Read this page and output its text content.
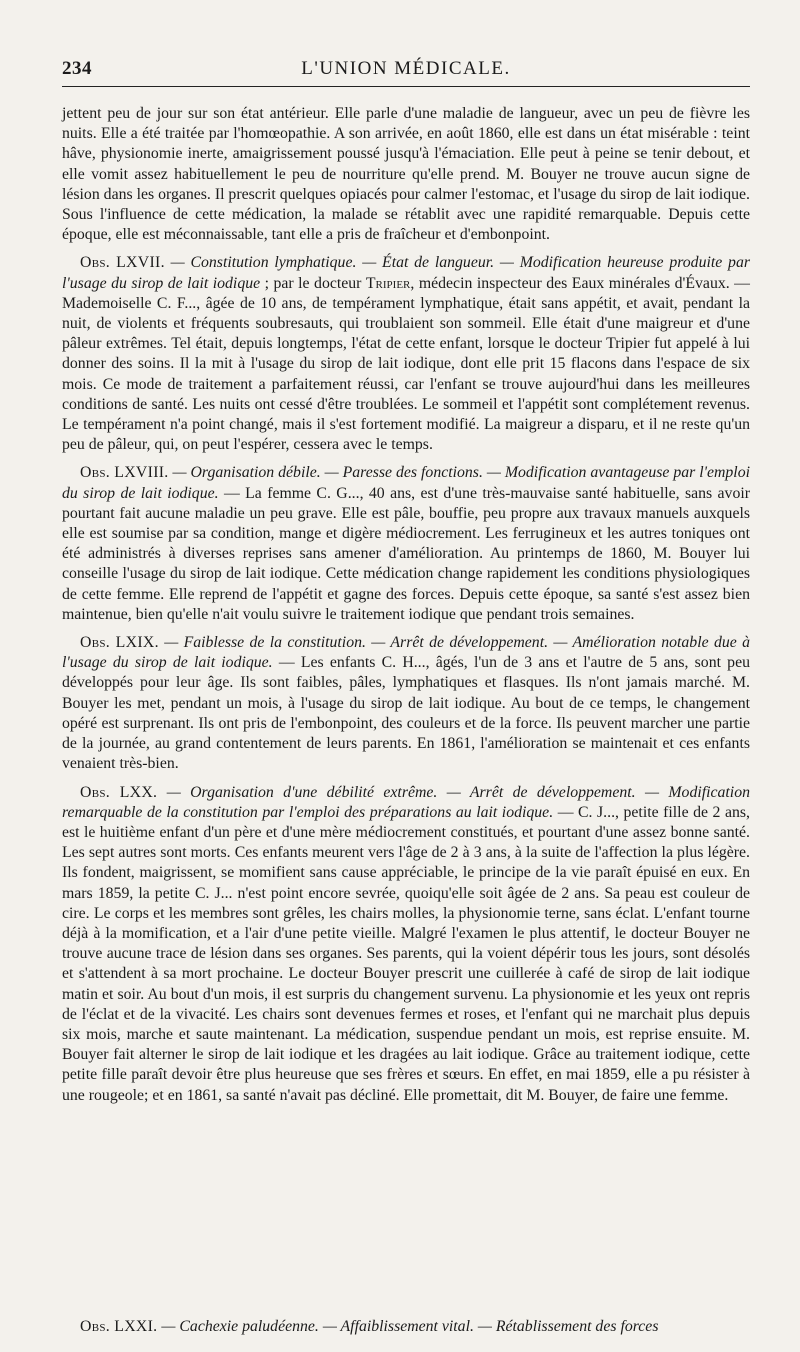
234	L'UNION MÉDICALE.

jettent peu de jour sur son état antérieur. Elle parle d'une maladie de langueur, avec un peu de fièvre les nuits. Elle a été traitée par l'homœopathie. A son arrivée, en août 1860, elle est dans un état misérable : teint hâve, physionomie inerte, amaigrissement poussé jusqu'à l'émaciation. Elle peut à peine se tenir debout, et elle vomit assez habituellement le peu de nourriture qu'elle prend. M. Bouyer ne trouve aucun signe de lésion dans les organes. Il prescrit quelques opiacés pour calmer l'estomac, et l'usage du sirop de lait iodique. Sous l'influence de cette médication, la malade se rétablit avec une rapidité remarquable. Depuis cette époque, elle est méconnaissable, tant elle a pris de fraîcheur et d'embonpoint.

Obs. LXVII. — Constitution lymphatique. — État de langueur. — Modification heureuse produite par l'usage du sirop de lait iodique ; par le docteur Tripier, médecin inspecteur des Eaux minérales d'Évaux. — Mademoiselle C. F..., âgée de 10 ans, de tempérament lymphatique, était sans appétit, et avait, pendant la nuit, de violents et fréquents soubresauts, qui troublaient son sommeil. Elle était d'une maigreur et d'une pâleur extrêmes. Tel était, depuis longtemps, l'état de cette enfant, lorsque le docteur Tripier fut appelé à lui donner des soins. Il la mit à l'usage du sirop de lait iodique, dont elle prit 15 flacons dans l'espace de six mois. Ce mode de traitement a parfaitement réussi, car l'enfant se trouve aujourd'hui dans les meilleures conditions de santé. Les nuits ont cessé d'être troublées. Le sommeil et l'appétit sont complétement revenus. Le tempérament n'a point changé, mais il s'est fortement modifié. La maigreur a disparu, et il ne reste qu'un peu de pâleur, qui, on peut l'espérer, cessera avec le temps.

Obs. LXVIII. — Organisation débile. — Paresse des fonctions. — Modification avantageuse par l'emploi du sirop de lait iodique. — La femme C. G..., 40 ans, est d'une très-mauvaise santé habituelle, sans avoir pourtant fait aucune maladie un peu grave. Elle est pâle, bouffie, peu propre aux travaux manuels auxquels elle est soumise par sa condition, mange et digère médiocrement. Les ferrugineux et les autres toniques ont été administrés à diverses reprises sans amener d'amélioration. Au printemps de 1860, M. Bouyer lui conseille l'usage du sirop de lait iodique. Cette médication change rapidement les conditions physiologiques de cette femme. Elle reprend de l'appétit et gagne des forces. Depuis cette époque, sa santé s'est assez bien maintenue, bien qu'elle n'ait voulu suivre le traitement iodique que pendant trois semaines.

Obs. LXIX. — Faiblesse de la constitution. — Arrêt de développement. — Amélioration notable due à l'usage du sirop de lait iodique. — Les enfants C. H..., âgés, l'un de 3 ans et l'autre de 5 ans, sont peu développés pour leur âge. Ils sont faibles, pâles, lymphatiques et flasques. Ils n'ont jamais marché. M. Bouyer les met, pendant un mois, à l'usage du sirop de lait iodique. Au bout de ce temps, le changement opéré est surprenant. Ils ont pris de l'embonpoint, des couleurs et de la force. Ils peuvent marcher une partie de la journée, au grand contentement de leurs parents. En 1861, l'amélioration se maintenait et ces enfants venaient très-bien.

Obs. LXX. — Organisation d'une débilité extrême. — Arrêt de développement. — Modification remarquable de la constitution par l'emploi des préparations au lait iodique. — C. J..., petite fille de 2 ans, est le huitième enfant d'un père et d'une mère médiocrement constitués, et pourtant d'une assez bonne santé. Les sept autres sont morts. Ces enfants meurent vers l'âge de 2 à 3 ans, à la suite de l'affection la plus légère. Ils fondent, maigrissent, se momifient sans cause appréciable, le principe de la vie paraît épuisé en eux. En mars 1859, la petite C. J... n'est point encore sevrée, quoiqu'elle soit âgée de 2 ans. Sa peau est couleur de cire. Le corps et les membres sont grêles, les chairs molles, la physionomie terne, sans éclat. L'enfant tourne déjà à la momification, et a l'air d'une petite vieille. Malgré l'examen le plus attentif, le docteur Bouyer ne trouve aucune trace de lésion dans ses organes. Ses parents, qui la voient dépérir tous les jours, sont désolés et s'attendent à sa mort prochaine. Le docteur Bouyer prescrit une cuillerée à café de sirop de lait iodique matin et soir. Au bout d'un mois, il est surpris du changement survenu. La physionomie et les yeux ont repris de l'éclat et de la vivacité. Les chairs sont devenues fermes et roses, et l'enfant qui ne marchait plus depuis six mois, marche et saute maintenant. La médication, suspendue pendant un mois, est reprise ensuite. M. Bouyer fait alterner le sirop de lait iodique et les dragées au lait iodique. Grâce au traitement iodique, cette petite fille paraît devoir être plus heureuse que ses frères et sœurs. En effet, en mai 1859, elle a pu résister à une rougeole; et en 1861, sa santé n'avait pas décliné. Elle promettait, dit M. Bouyer, de faire une femme.

Obs. LXXI. — Cachexie paludéenne. — Affaiblissement vital. — Rétablissement des forces
